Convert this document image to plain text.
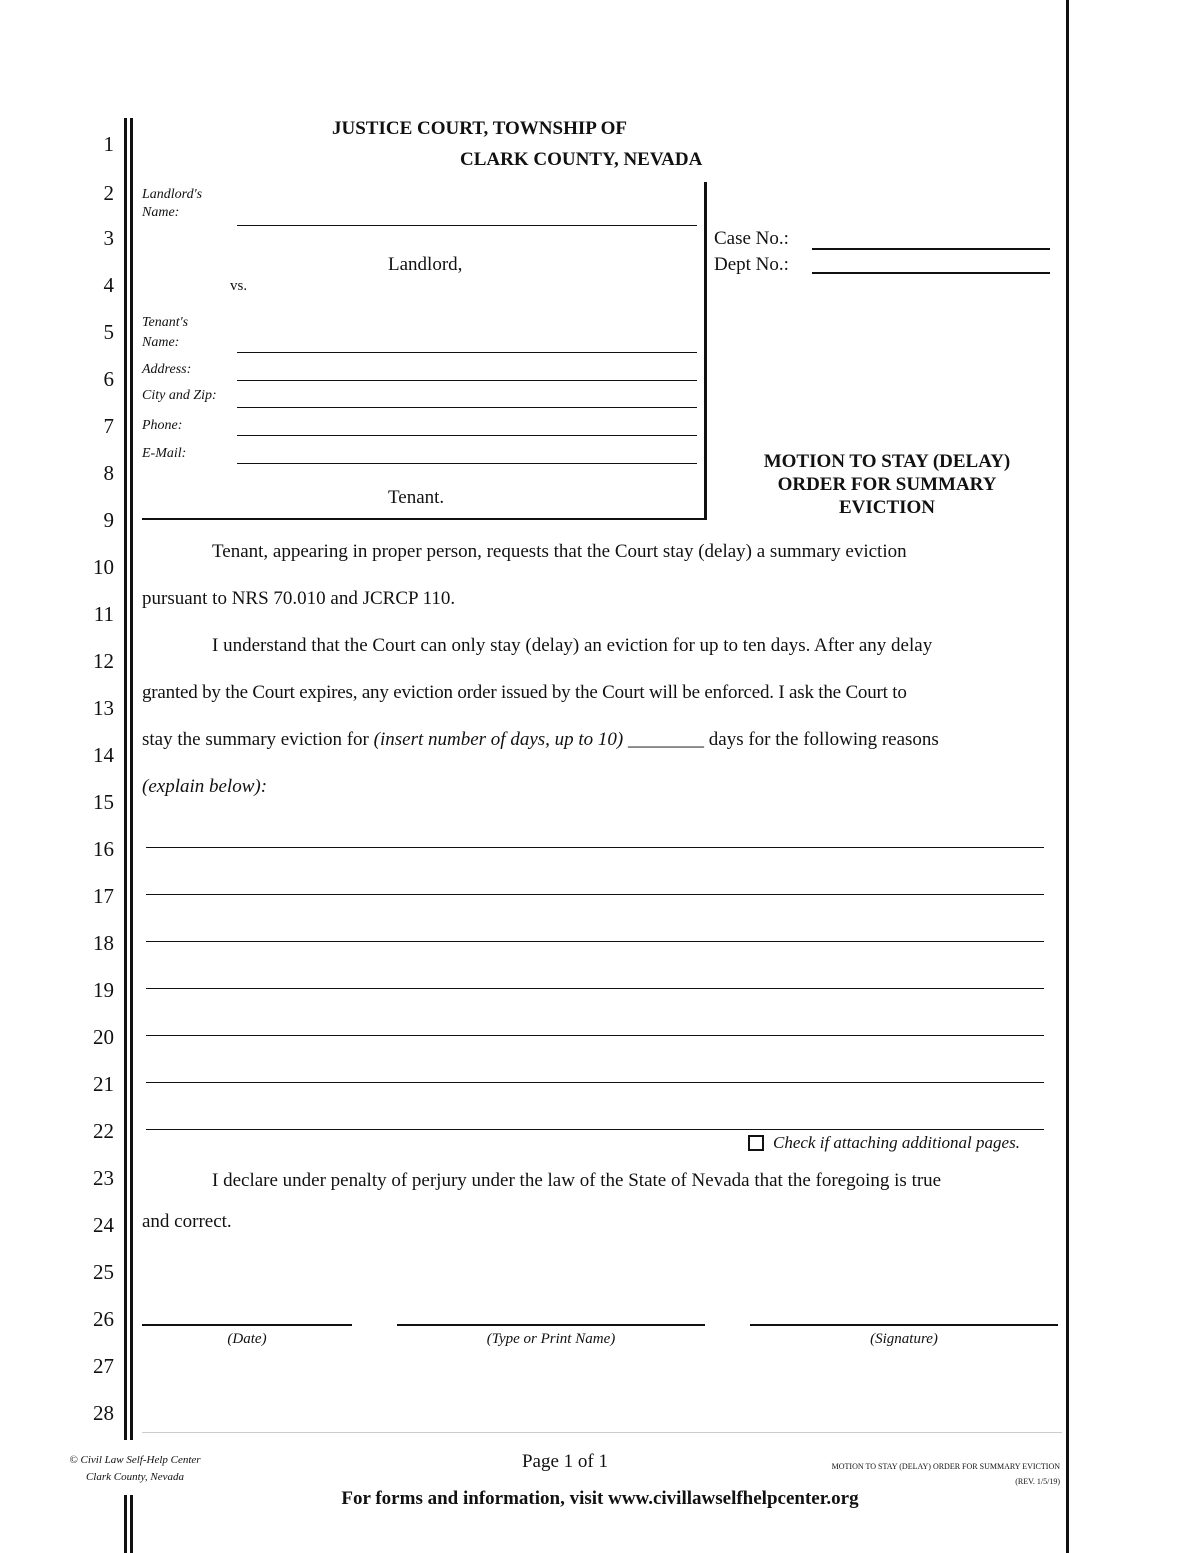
1
2
3
4
5
6
7
8
9
10
11
12
13
14
15
16
17
18
19
20
21
22
23
24
25
26
27
28
JUSTICE COURT, TOWNSHIP OF
CLARK COUNTY, NEVADA
Landlord's Name:
Landlord,
vs.
Tenant's Name:
Address:
City and Zip:
Phone:
E-Mail:
Tenant.
Case No.:
Dept No.:
MOTION TO STAY (DELAY)
ORDER FOR SUMMARY
EVICTION
Tenant, appearing in proper person, requests that the Court stay (delay) a summary eviction
pursuant to NRS 70.010 and JCRCP 110.
I understand that the Court can only stay (delay) an eviction for up to ten days. After any delay
granted by the Court expires, any eviction order issued by the Court will be enforced. I ask the Court to
stay the summary eviction for (insert number of days, up to 10) ________ days for the following reasons
(explain below):
Check if attaching additional pages.
I declare under penalty of perjury under the law of the State of Nevada that the foregoing is true
and correct.
(Date)	(Type or Print Name)	(Signature)
© Civil Law Self-Help Center
Clark County, Nevada
Page 1 of 1	MOTION TO STAY (DELAY) ORDER FOR SUMMARY EVICTION
(REV. 1/5/19)
For forms and information, visit www.civillawselfhelpcenter.org
